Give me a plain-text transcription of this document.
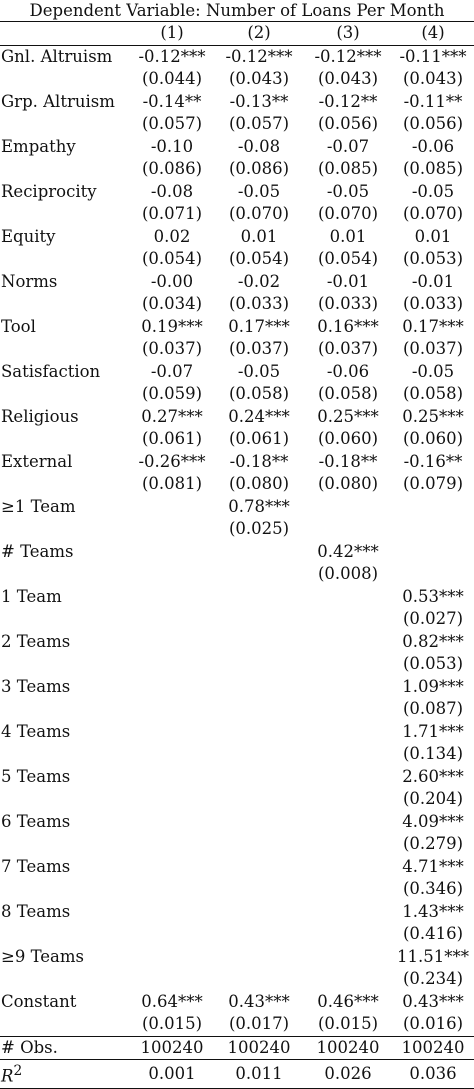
Dependent Variable: Number of Loans Per Month
	(1)	(2)	(3)	(4)
Gnl. Altruism	-0.12***	-0.12***	-0.12***	-0.11***
	(0.044)	(0.043)	(0.043)	(0.043)
Grp. Altruism	-0.14**	-0.13**	-0.12**	-0.11**
	(0.057)	(0.057)	(0.056)	(0.056)
Empathy	-0.10	-0.08	-0.07	-0.06
	(0.086)	(0.086)	(0.085)	(0.085)
Reciprocity	-0.08	-0.05	-0.05	-0.05
	(0.071)	(0.070)	(0.070)	(0.070)
Equity	0.02	0.01	0.01	0.01
	(0.054)	(0.054)	(0.054)	(0.053)
Norms	-0.00	-0.02	-0.01	-0.01
	(0.034)	(0.033)	(0.033)	(0.033)
Tool	0.19***	0.17***	0.16***	0.17***
	(0.037)	(0.037)	(0.037)	(0.037)
Satisfaction	-0.07	-0.05	-0.06	-0.05
	(0.059)	(0.058)	(0.058)	(0.058)
Religious	0.27***	0.24***	0.25***	0.25***
	(0.061)	(0.061)	(0.060)	(0.060)
External	-0.26***	-0.18**	-0.18**	-0.16**
	(0.081)	(0.080)	(0.080)	(0.079)
≥1 Team		0.78***		
		(0.025)		
# Teams			0.42***	
			(0.008)	
1 Team				0.53***
				(0.027)
2 Teams				0.82***
				(0.053)
3 Teams				1.09***
				(0.087)
4 Teams				1.71***
				(0.134)
5 Teams				2.60***
				(0.204)
6 Teams				4.09***
				(0.279)
7 Teams				4.71***
				(0.346)
8 Teams				1.43***
				(0.416)
≥9 Teams				11.51***
				(0.234)
Constant	0.64***	0.43***	0.46***	0.43***
	(0.015)	(0.017)	(0.015)	(0.016)
# Obs.	100240	100240	100240	100240
$R^2$	0.001	0.011	0.026	0.036
